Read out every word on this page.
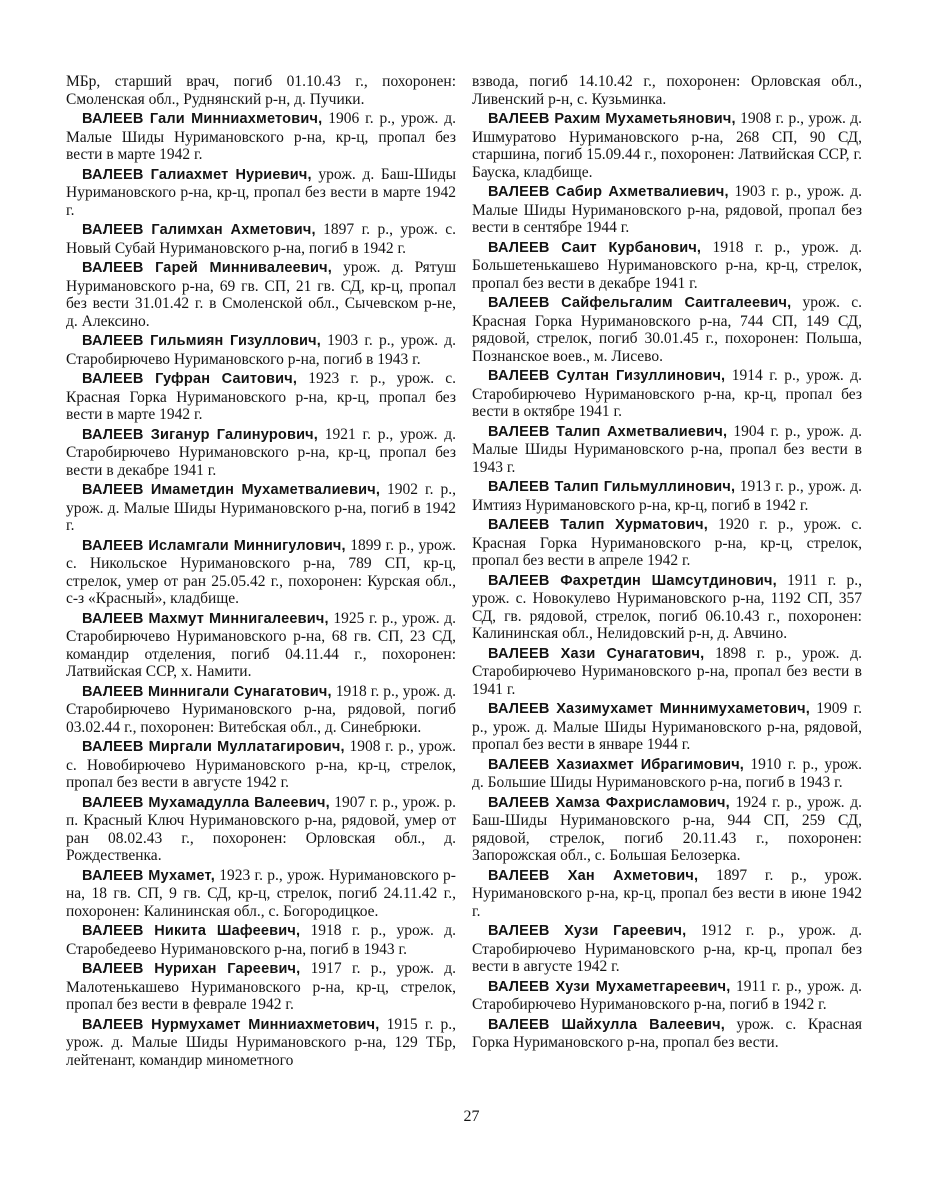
МБр, старший врач, погиб 01.10.43 г., похоронен: Смоленская обл., Руднянский р-н, д. Пучики.

ВАЛЕЕВ Гали Минниахметович, 1906 г. р., урож. д. Малые Шиды Нуримановского р-на, кр-ц, пропал без вести в марте 1942 г.

ВАЛЕЕВ Галиахмет Нуриевич, урож. д. Баш-Шиды Нуримановского р-на, кр-ц, пропал без вести в марте 1942 г.

ВАЛЕЕВ Галимхан Ахметович, 1897 г. р., урож. с. Новый Субай Нуримановского р-на, погиб в 1942 г.

ВАЛЕЕВ Гарей Миннивалеевич, урож. д. Рятуш Нуримановского р-на, 69 гв. СП, 21 гв. СД, кр-ц, пропал без вести 31.01.42 г. в Смоленской обл., Сычевском р-не, д. Алексино.

ВАЛЕЕВ Гильмиян Гизуллович, 1903 г. р., урож. д. Старобирючево Нуримановского р-на, погиб в 1943 г.

ВАЛЕЕВ Гуфран Саитович, 1923 г. р., урож. с. Красная Горка Нуримановского р-на, кр-ц, пропал без вести в марте 1942 г.

ВАЛЕЕВ Зиганур Галинурович, 1921 г. р., урож. д. Старобирючево Нуримановского р-на, кр-ц, пропал без вести в декабре 1941 г.

ВАЛЕЕВ Имаметдин Мухаметвалиевич, 1902 г. р., урож. д. Малые Шиды Нуримановского р-на, погиб в 1942 г.

ВАЛЕЕВ Исламгали Миннигулович, 1899 г. р., урож. с. Никольское Нуримановского р-на, 789 СП, кр-ц, стрелок, умер от ран 25.05.42 г., похоронен: Курская обл., с-з «Красный», кладбище.

ВАЛЕЕВ Махмут Миннигалеевич, 1925 г. р., урож. д. Старобирючево Нуримановского р-на, 68 гв. СП, 23 СД, командир отделения, погиб 04.11.44 г., похоронен: Латвийская ССР, х. Намити.

ВАЛЕЕВ Миннигали Сунагатович, 1918 г. р., урож. д. Старобирючево Нуримановского р-на, рядовой, погиб 03.02.44 г., похоронен: Витебская обл., д. Синебрюки.

ВАЛЕЕВ Миргали Муллатагирович, 1908 г. р., урож. с. Новобирючево Нуримановского р-на, кр-ц, стрелок, пропал без вести в августе 1942 г.

ВАЛЕЕВ Мухамадулла Валеевич, 1907 г. р., урож. р. п. Красный Ключ Нуримановского р-на, рядовой, умер от ран 08.02.43 г., похоронен: Орловская обл., д. Рождественка.

ВАЛЕЕВ Мухамет, 1923 г. р., урож. Нуримановского р-на, 18 гв. СП, 9 гв. СД, кр-ц, стрелок, погиб 24.11.42 г., похоронен: Калининская обл., с. Богородицкое.

ВАЛЕЕВ Никита Шафеевич, 1918 г. р., урож. д. Старобедеево Нуримановского р-на, погиб в 1943 г.

ВАЛЕЕВ Нурихан Гареевич, 1917 г. р., урож. д. Малотенькашево Нуримановского р-на, кр-ц, стрелок, пропал без вести в феврале 1942 г.

ВАЛЕЕВ Нурмухамет Минниахметович, 1915 г. р., урож. д. Малые Шиды Нуримановского р-на, 129 ТБр, лейтенант, командир минометного

взвода, погиб 14.10.42 г., похоронен: Орловская обл., Ливенский р-н, с. Кузьминка.

ВАЛЕЕВ Рахим Мухаметьянович, 1908 г. р., урож. д. Ишмуратово Нуримановского р-на, 268 СП, 90 СД, старшина, погиб 15.09.44 г., похоронен: Латвийская ССР, г. Бауска, кладбище.

ВАЛЕЕВ Сабир Ахметвалиевич, 1903 г. р., урож. д. Малые Шиды Нуримановского р-на, рядовой, пропал без вести в сентябре 1944 г.

ВАЛЕЕВ Саит Курбанович, 1918 г. р., урож. д. Большетенькашево Нуримановского р-на, кр-ц, стрелок, пропал без вести в декабре 1941 г.

ВАЛЕЕВ Сайфельгалим Саитгалеевич, урож. с. Красная Горка Нуримановского р-на, 744 СП, 149 СД, рядовой, стрелок, погиб 30.01.45 г., похоронен: Польша, Познанское воев., м. Лисево.

ВАЛЕЕВ Султан Гизуллинович, 1914 г. р., урож. д. Старобирючево Нуримановского р-на, кр-ц, пропал без вести в октябре 1941 г.

ВАЛЕЕВ Талип Ахметвалиевич, 1904 г. р., урож. д. Малые Шиды Нуримановского р-на, пропал без вести в 1943 г.

ВАЛЕЕВ Талип Гильмуллинович, 1913 г. р., урож. д. Имтияз Нуримановского р-на, кр-ц, погиб в 1942 г.

ВАЛЕЕВ Талип Хурматович, 1920 г. р., урож. с. Красная Горка Нуримановского р-на, кр-ц, стрелок, пропал без вести в апреле 1942 г.

ВАЛЕЕВ Фахретдин Шамсутдинович, 1911 г. р., урож. с. Новокулево Нуримановского р-на, 1192 СП, 357 СД, гв. рядовой, стрелок, погиб 06.10.43 г., похоронен: Калининская обл., Нелидовский р-н, д. Авчино.

ВАЛЕЕВ Хази Сунагатович, 1898 г. р., урож. д. Старобирючево Нуримановского р-на, пропал без вести в 1941 г.

ВАЛЕЕВ Хазимухамет Миннимухаметович, 1909 г. р., урож. д. Малые Шиды Нуримановского р-на, рядовой, пропал без вести в январе 1944 г.

ВАЛЕЕВ Хазиахмет Ибрагимович, 1910 г. р., урож. д. Большие Шиды Нуримановского р-на, погиб в 1943 г.

ВАЛЕЕВ Хамза Фахрисламович, 1924 г. р., урож. д. Баш-Шиды Нуримановского р-на, 944 СП, 259 СД, рядовой, стрелок, погиб 20.11.43 г., похоронен: Запорожская обл., с. Большая Белозерка.

ВАЛЕЕВ Хан Ахметович, 1897 г. р., урож. Нуримановского р-на, кр-ц, пропал без вести в июне 1942 г.

ВАЛЕЕВ Хузи Гареевич, 1912 г. р., урож. д. Старобирючево Нуримановского р-на, кр-ц, пропал без вести в августе 1942 г.

ВАЛЕЕВ Хузи Мухаметгареевич, 1911 г. р., урож. д. Старобирючево Нуримановского р-на, погиб в 1942 г.

ВАЛЕЕВ Шайхулла Валеевич, урож. с. Красная Горка Нуримановского р-на, пропал без вести.

27
